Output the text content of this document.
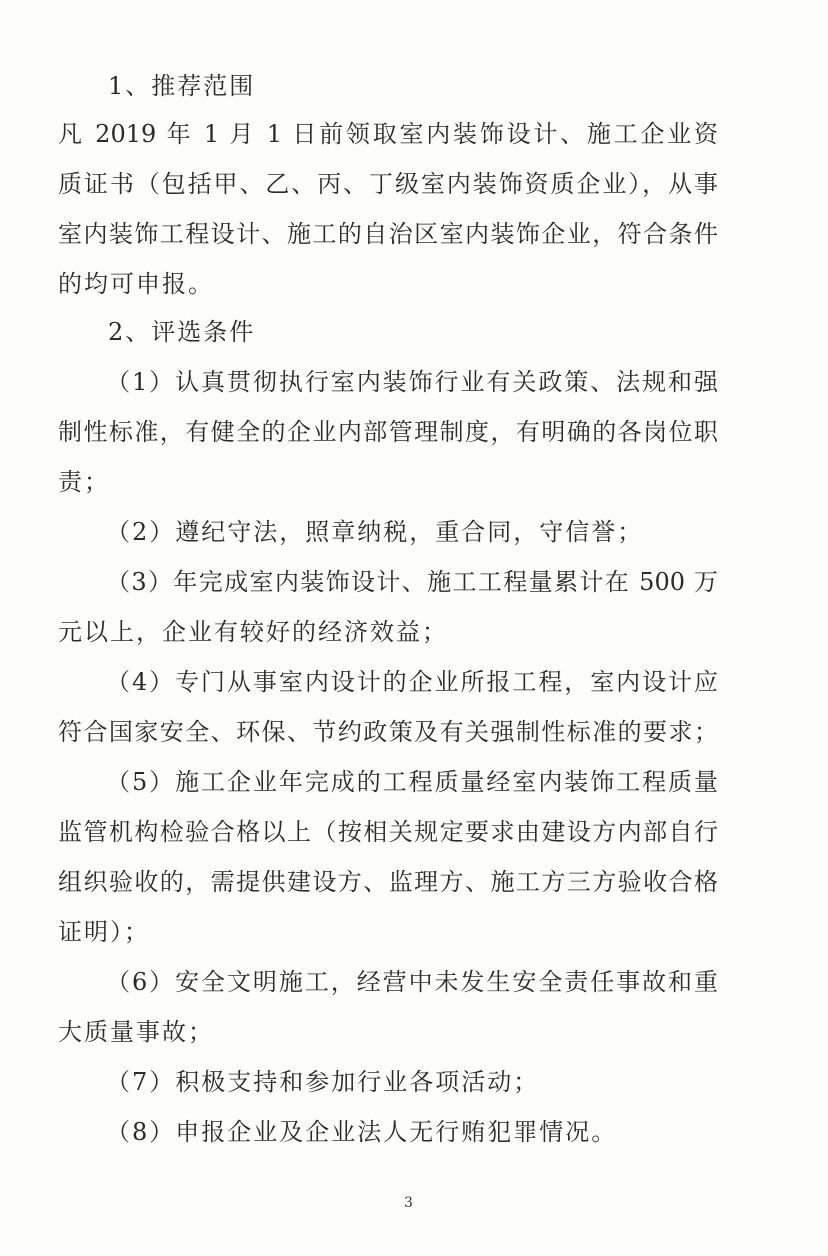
1、推荐范围
凡 2019 年 1 月 1 日前领取室内装饰设计、施工企业资
质证书（包括甲、乙、丙、丁级室内装饰资质企业），从事
室内装饰工程设计、施工的自治区室内装饰企业，符合条件
的均可申报。
2、评选条件
（1）认真贯彻执行室内装饰行业有关政策、法规和强
制性标准，有健全的企业内部管理制度，有明确的各岗位职
责；
（2）遵纪守法，照章纳税，重合同，守信誉；
（3）年完成室内装饰设计、施工工程量累计在 500 万
元以上，企业有较好的经济效益；
（4）专门从事室内设计的企业所报工程，室内设计应
符合国家安全、环保、节约政策及有关强制性标准的要求；
（5）施工企业年完成的工程质量经室内装饰工程质量
监管机构检验合格以上（按相关规定要求由建设方内部自行
组织验收的，需提供建设方、监理方、施工方三方验收合格
证明）；
（6）安全文明施工，经营中未发生安全责任事故和重
大质量事故；
（7）积极支持和参加行业各项活动；
（8）申报企业及企业法人无行贿犯罪情况。
3
